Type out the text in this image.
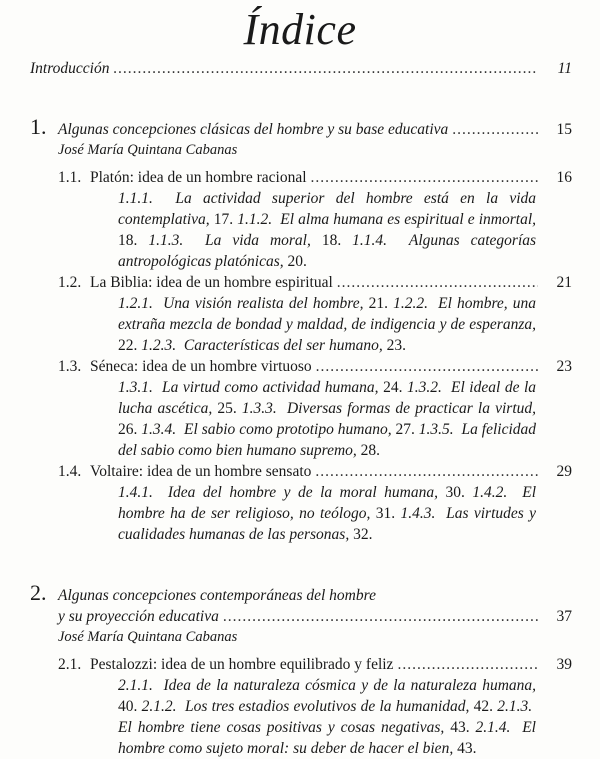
Índice
Introducción .....	11
1. Algunas concepciones clásicas del hombre y su base educativa .....	15
José María Quintana Cabanas
1.1. Platón: idea de un hombre racional .....	16
1.1.1. La actividad superior del hombre está en la vida contemplativa, 17. 1.1.2. El alma humana es espiritual e inmortal, 18. 1.1.3. La vida moral, 18. 1.1.4. Algunas categorías antropológicas platónicas, 20.
1.2. La Biblia: idea de un hombre espiritual .....	21
1.2.1. Una visión realista del hombre, 21. 1.2.2. El hombre, una extraña mezcla de bondad y maldad, de indigencia y de esperanza, 22. 1.2.3. Características del ser humano, 23.
1.3. Séneca: idea de un hombre virtuoso .....	23
1.3.1. La virtud como actividad humana, 24. 1.3.2. El ideal de la lucha ascética, 25. 1.3.3. Diversas formas de practicar la virtud, 26. 1.3.4. El sabio como prototipo humano, 27. 1.3.5. La felicidad del sabio como bien humano supremo, 28.
1.4. Voltaire: idea de un hombre sensato .....	29
1.4.1. Idea del hombre y de la moral humana, 30. 1.4.2. El hombre ha de ser religioso, no teólogo, 31. 1.4.3. Las virtudes y cualidades humanas de las personas, 32.
2. Algunas concepciones contemporáneas del hombre
y su proyección educativa .....	37
José María Quintana Cabanas
2.1. Pestalozzi: idea de un hombre equilibrado y feliz .....	39
2.1.1. Idea de la naturaleza cósmica y de la naturaleza humana, 40. 2.1.2. Los tres estadios evolutivos de la humanidad, 42. 2.1.3.  El hombre tiene cosas positivas y cosas negativas, 43. 2.1.4. El hombre como sujeto moral: su deber de hacer el bien, 43.
